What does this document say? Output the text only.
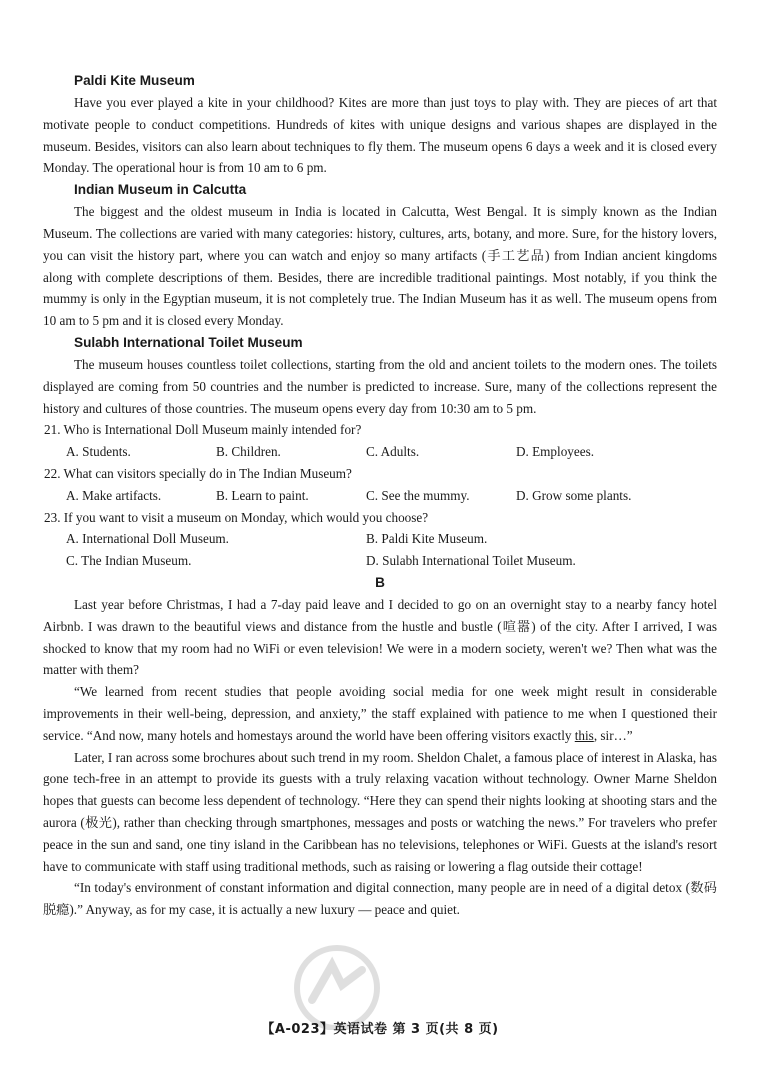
Paldi Kite Museum

Have you ever played a kite in your childhood? Kites are more than just toys to play with. They are pieces of art that motivate people to conduct competitions. Hundreds of kites with unique designs and various shapes are displayed in the museum. Besides, visitors can also learn about techniques to fly them. The museum opens 6 days a week and it is closed every Monday. The operational hour is from 10 am to 6 pm.

Indian Museum in Calcutta

The biggest and the oldest museum in India is located in Calcutta, West Bengal. It is simply known as the Indian Museum. The collections are varied with many categories: history, cultures, arts, botany, and more. Sure, for the history lovers, you can visit the history part, where you can watch and enjoy so many artifacts (手工艺品) from Indian ancient kingdoms along with complete descriptions of them. Besides, there are incredible traditional paintings. Most notably, if you think the mummy is only in the Egyptian museum, it is not completely true. The Indian Museum has it as well. The museum opens from 10 am to 5 pm and it is closed every Monday.

Sulabh International Toilet Museum

The museum houses countless toilet collections, starting from the old and ancient toilets to the modern ones. The toilets displayed are coming from 50 countries and the number is predicted to increase. Sure, many of the collections represent the history and cultures of those countries. The museum opens every day from 10:30 am to 5 pm.

21. Who is International Doll Museum mainly intended for?

A. Students.	B. Children.	C. Adults.	D. Employees.

22. What can visitors specially do in The Indian Museum?

A. Make artifacts.	B. Learn to paint.	C. See the mummy.	D. Grow some plants.

23. If you want to visit a museum on Monday, which would you choose?

A. International Doll Museum.	B. Paldi Kite Museum.
C. The Indian Museum.	D. Sulabh International Toilet Museum.

B

Last year before Christmas, I had a 7-day paid leave and I decided to go on an overnight stay to a nearby fancy hotel Airbnb. I was drawn to the beautiful views and distance from the hustle and bustle (喧嚣) of the city. After I arrived, I was shocked to know that my room had no WiFi or even television! We were in a modern society, weren't we? Then what was the matter with them?

“We learned from recent studies that people avoiding social media for one week might result in considerable improvements in their well-being, depression, and anxiety,” the staff explained with patience to me when I questioned their service. “And now, many hotels and homestays around the world have been offering visitors exactly this, sir…”

Later, I ran across some brochures about such trend in my room. Sheldon Chalet, a famous place of interest in Alaska, has gone tech-free in an attempt to provide its guests with a truly relaxing vacation without technology. Owner Marne Sheldon hopes that guests can become less dependent of technology. “Here they can spend their nights looking at shooting stars and the aurora (极光), rather than checking through smartphones, messages and posts or watching the news.” For travelers who prefer peace in the sun and sand, one tiny island in the Caribbean has no televisions, telephones or WiFi. Guests at the island's resort have to communicate with staff using traditional methods, such as raising or lowering a flag outside their cottage!

“In today's environment of constant information and digital connection, many people are in need of a digital detox (数码脱瘾).” Anyway, as for my case, it is actually a new luxury — peace and quiet.

【A-023】英语试卷 第 3 页(共 8 页)
